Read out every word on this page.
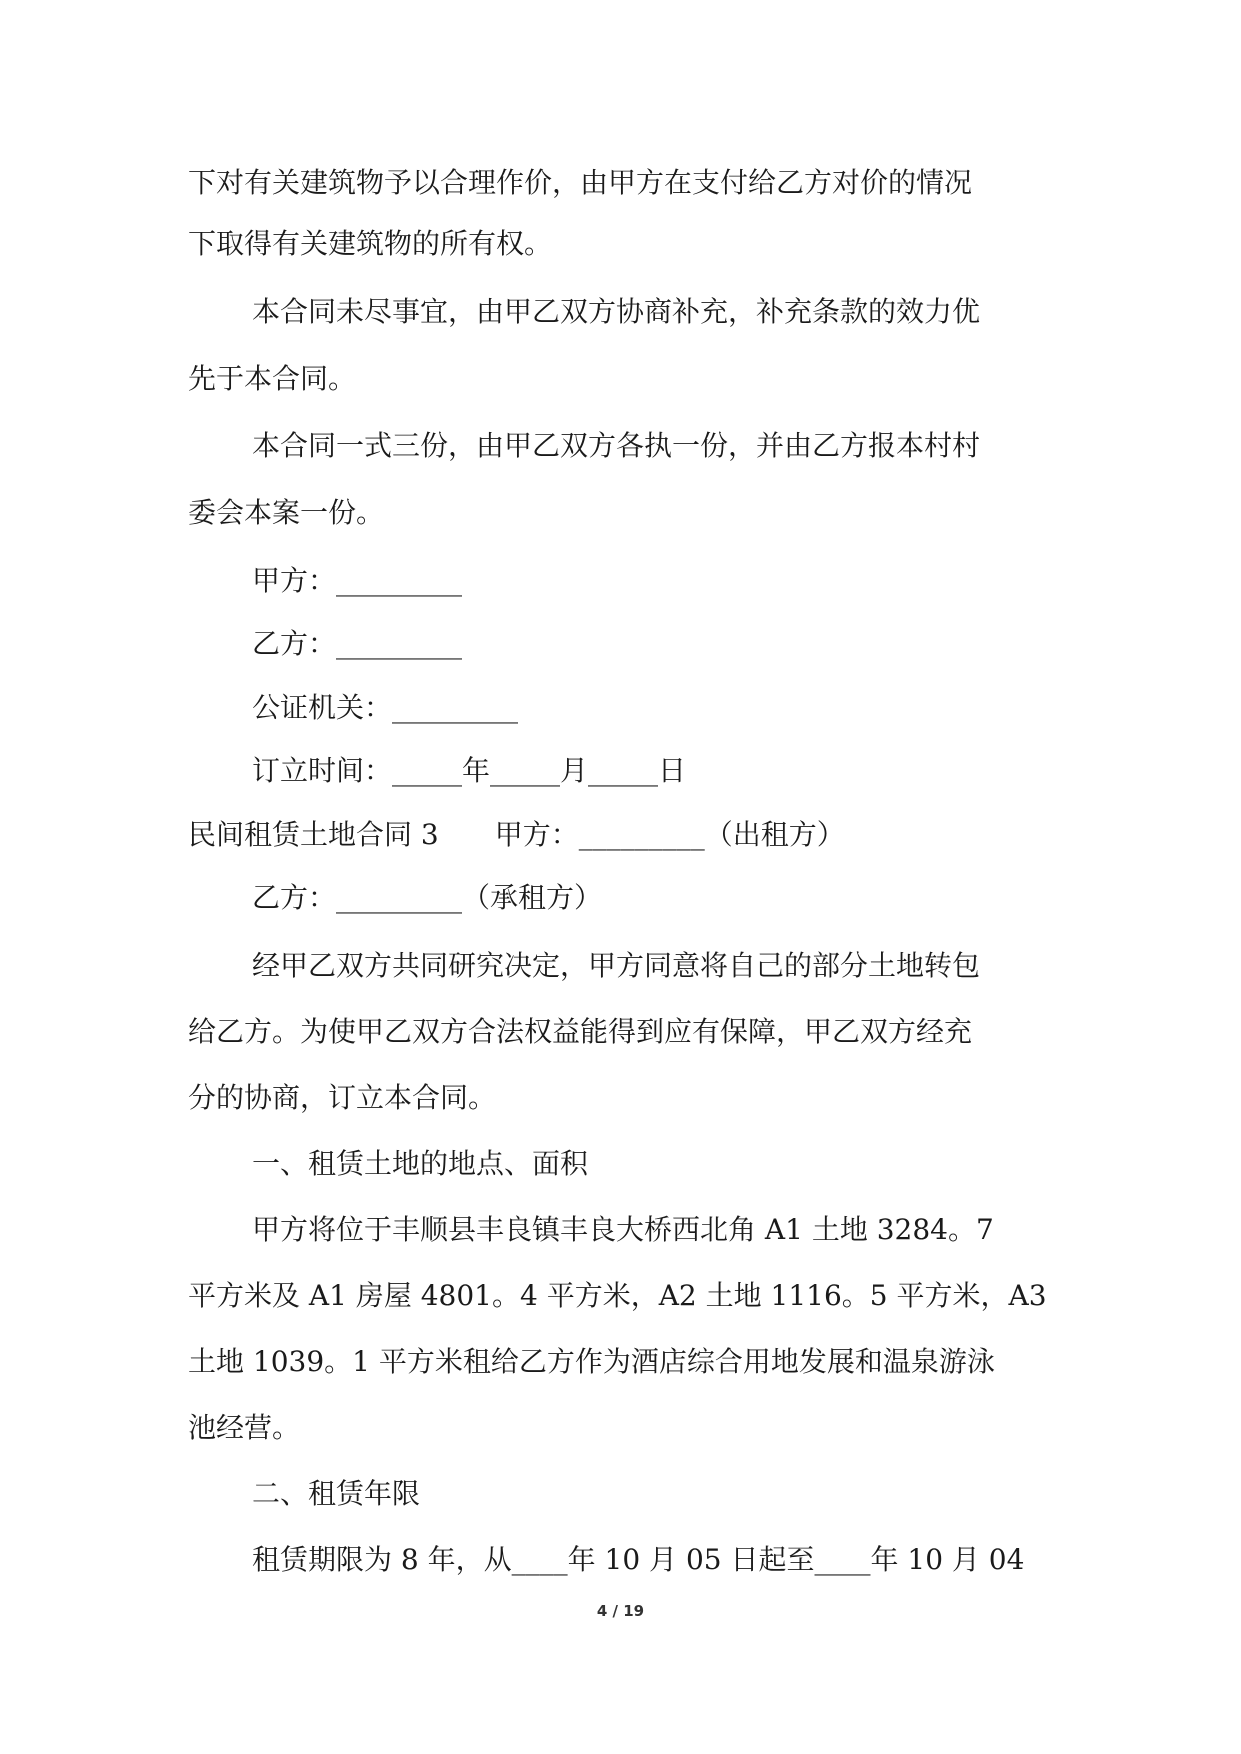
下对有关建筑物予以合理作价，由甲方在支付给乙方对价的情况
下取得有关建筑物的所有权。
本合同未尽事宜，由甲乙双方协商补充，补充条款的效力优
先于本合同。
本合同一式三份，由甲乙双方各执一份，并由乙方报本村村
委会本案一份。
甲方：_________
乙方：_________
公证机关：_________
订立时间：_____年_____月_____日
民间租赁土地合同 3　　甲方：_________（出租方）
乙方：_________（承租方）
经甲乙双方共同研究决定，甲方同意将自己的部分土地转包
给乙方。为使甲乙双方合法权益能得到应有保障，甲乙双方经充
分的协商，订立本合同。
一、租赁土地的地点、面积
甲方将位于丰顺县丰良镇丰良大桥西北角 A1 土地 3284。7
平方米及 A1 房屋 4801。4 平方米，A2 土地 1116。5 平方米，A3
土地 1039。1 平方米租给乙方作为酒店综合用地发展和温泉游泳
池经营。
二、租赁年限
租赁期限为 8 年，从____年 10 月 05 日起至____年 10 月 04
4 / 19
